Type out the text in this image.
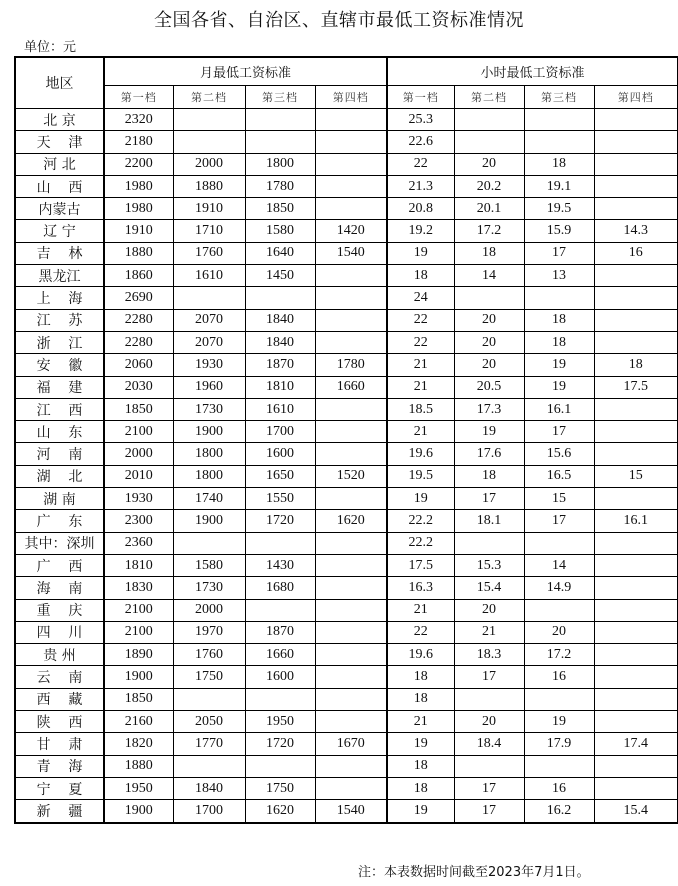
全国各省、自治区、直辖市最低工资标准情况
单位：元
地区	月最低工资标准				小时最低工资标准			
	第一档	第二档	第三档	第四档	第一档	第二档	第三档	第四档
北 京	2320				25.3			
天    津	2180				22.6			
河 北	2200	2000	1800		22	20	18	
山    西	1980	1880	1780		21.3	20.2	19.1	
内蒙古	1980	1910	1850		20.8	20.1	19.5	
辽 宁	1910	1710	1580	1420	19.2	17.2	15.9	14.3
吉    林	1880	1760	1640	1540	19	18	17	16
黑龙江	1860	1610	1450		18	14	13	
上    海	2690				24			
江    苏	2280	2070	1840		22	20	18	
浙    江	2280	2070	1840		22	20	18	
安    徽	2060	1930	1870	1780	21	20	19	18
福    建	2030	1960	1810	1660	21	20.5	19	17.5
江    西	1850	1730	1610		18.5	17.3	16.1	
山    东	2100	1900	1700		21	19	17	
河    南	2000	1800	1600		19.6	17.6	15.6	
湖    北	2010	1800	1650	1520	19.5	18	16.5	15
湖 南	1930	1740	1550		19	17	15	
广    东	2300	1900	1720	1620	22.2	18.1	17	16.1
其中：深圳	2360				22.2			
广    西	1810	1580	1430		17.5	15.3	14	
海    南	1830	1730	1680		16.3	15.4	14.9	
重    庆	2100	2000			21	20		
四    川	2100	1970	1870		22	21	20	
贵 州	1890	1760	1660		19.6	18.3	17.2	
云    南	1900	1750	1600		18	17	16	
西    藏	1850				18			
陕    西	2160	2050	1950		21	20	19	
甘    肃	1820	1770	1720	1670	19	18.4	17.9	17.4
青    海	1880				18			
宁    夏	1950	1840	1750		18	17	16	
新    疆	1900	1700	1620	1540	19	17	16.2	15.4
注：本表数据时间截至2023年7月1日。
